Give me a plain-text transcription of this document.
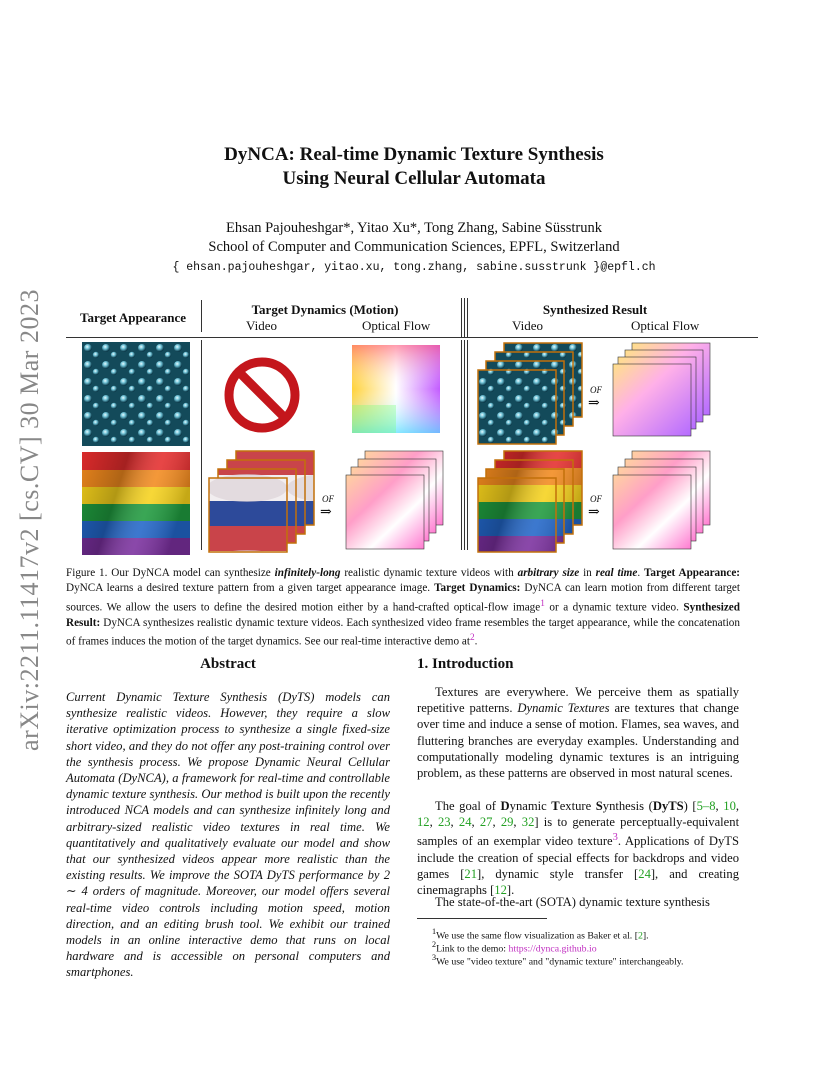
arXiv:2211.11417v2 [cs.CV] 30 Mar 2023
DyNCA: Real-time Dynamic Texture Synthesis
Using Neural Cellular Automata
Ehsan Pajouheshgar*, Yitao Xu*, Tong Zhang, Sabine Süsstrunk
School of Computer and Communication Sciences, EPFL, Switzerland
{ ehsan.pajouheshgar, yitao.xu, tong.zhang, sabine.susstrunk }@epfl.ch
Target Appearance
Target Dynamics (Motion)
Video	Optical Flow
Synthesized Result
Video	Optical Flow
OF
⇒
OF
⇒
OF
⇒
Figure 1. Our DyNCA model can synthesize infinitely-long realistic dynamic texture videos with arbitrary size in real time. Target Appearance: DyNCA learns a desired texture pattern from a given target appearance image. Target Dynamics: DyNCA can learn motion from different target sources. We allow the users to define the desired motion either by a hand-crafted optical-flow image$^1$ or a dynamic texture video. Synthesized Result: DyNCA synthesizes realistic dynamic texture videos. Each synthesized video frame resembles the target appearance, while the concatenation of frames induces the motion of the target dynamics. See our real-time interactive demo $at^2$.
Abstract
Current Dynamic Texture Synthesis (DyTS) models can synthesize realistic videos. However, they require a slow iterative optimization process to synthesize a single fixed-size short video, and they do not offer any post-training control over the synthesis process. We propose Dynamic Neural Cellular Automata (DyNCA), a framework for real-time and controllable dynamic texture synthesis. Our method is built upon the recently introduced NCA models and can synthesize infinitely long and arbitrary-sized realistic video textures in real time. We quantitatively and qualitatively evaluate our model and show that our synthesized videos appear more realistic than the existing results. We improve the SOTA DyTS performance by 2 ∼ 4 orders of magnitude. Moreover, our model offers several real-time video controls including motion speed, motion direction, and an editing brush tool. We exhibit our trained models in an online interactive demo that runs on local hardware and is accessible on personal computers and smartphones.
1. Introduction
Textures are everywhere. We perceive them as spatially repetitive patterns. Dynamic Textures are textures that change over time and induce a sense of motion. Flames, sea waves, and fluttering branches are everyday examples. Understanding and computationally modeling dynamic textures is an intriguing problem, as these patterns are observed in most natural scenes.
The goal of Dynamic Texture Synthesis (DyTS) [5–8, 10, 12, 23, 24, 27, 29, 32] is to generate perceptually-equivalent samples of an exemplar video texture$^3$. Applications of DyTS include the creation of special effects for backdrops and video games [21], dynamic style transfer [24], and creating cinemagraphs [12].
The state-of-the-art (SOTA) dynamic texture synthesis
$^1$We use the same flow visualization as Baker et al. [2].
$^2$Link to the demo: https://dynca.github.io
$^3$We use "video texture" and "dynamic texture" interchangeably.
